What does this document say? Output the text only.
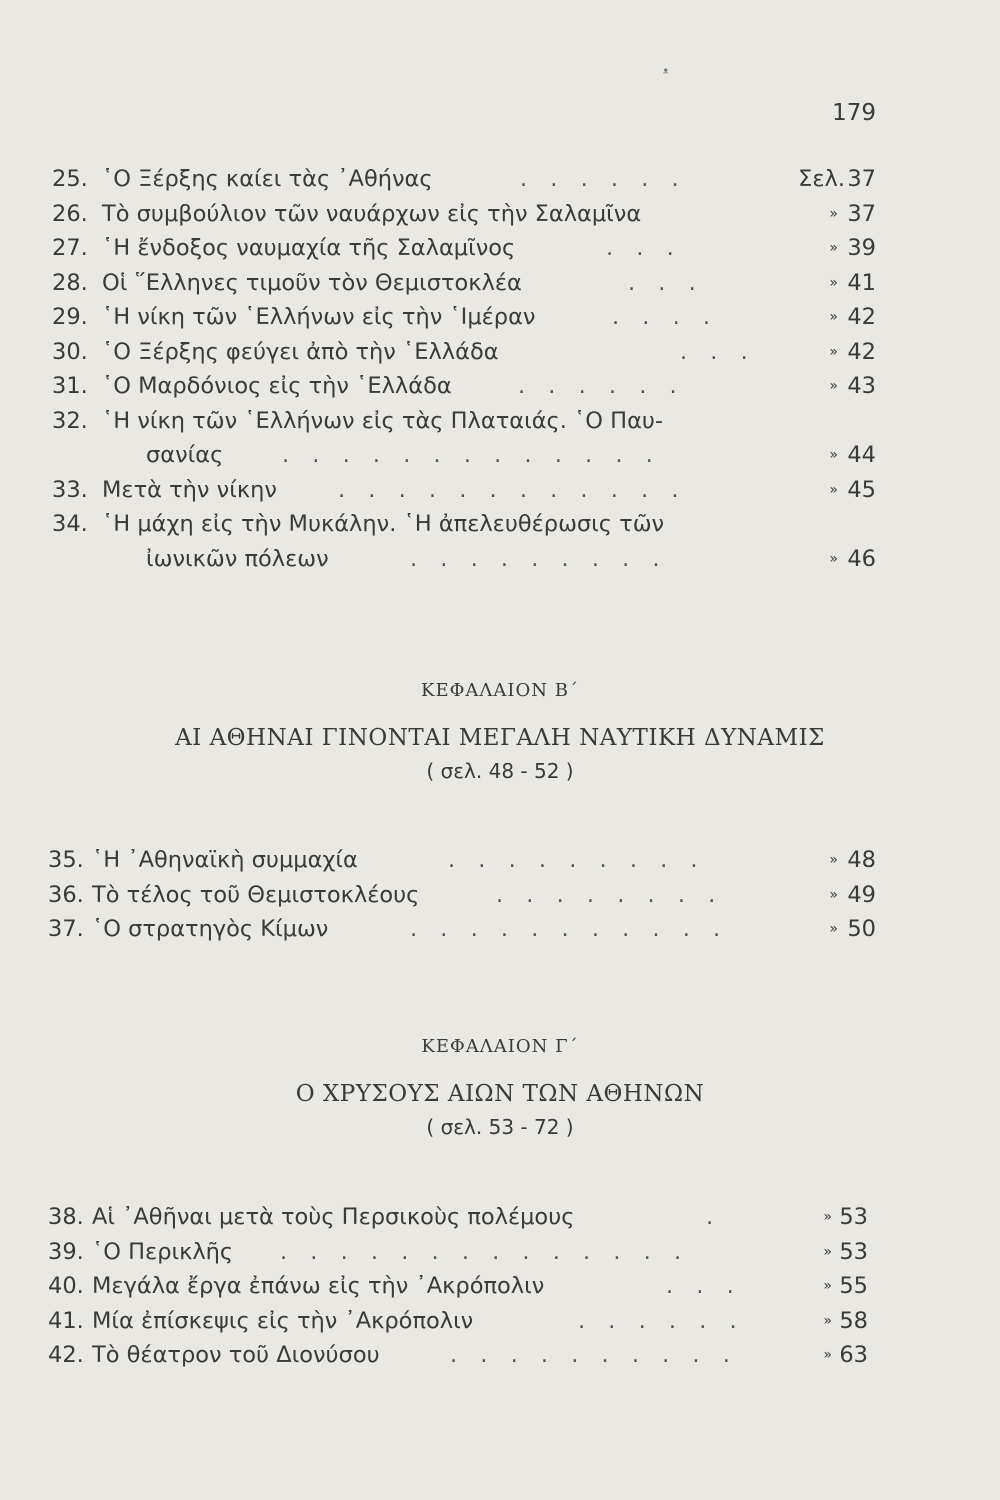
ᵜ
179
25. ῾Ο Ξέρξης καίει τὰς ᾿Αθήνας	. . . . . .	Σελ. 37
26. Τὸ συμβούλιον τῶν ναυάρχων εἰς τὴν Σαλαμῖνα	» 37
27. ῾Η ἔνδοξος ναυμαχία τῆς Σαλαμῖνος	. . .	» 39
28. Οἱ ῞Ελληνες τιμοῦν τὸν Θεμιστοκλέα	. . .	» 41
29. ῾Η νίκη τῶν ῾Ελλήνων εἰς τὴν ῾Ιμέραν	. . . .	» 42
30. ῾Ο Ξέρξης φεύγει ἀπὸ τὴν ῾Ελλάδα	. . .	» 42
31. ῾Ο Μαρδόνιος εἰς τὴν ῾Ελλάδα	. . . . . .	» 43
32. ῾Η νίκη τῶν ῾Ελλήνων εἰς τὰς Πλαταιάς. ῾Ο Παυ-
σανίας	. . . . . . . . . . . . .	» 44
33. Μετὰ τὴν νίκην	. . . . . . . . . . . .	» 45
34. ῾Η μάχη εἰς τὴν Μυκάλην. ῾Η ἀπελευθέρωσις τῶν
ἰωνικῶν πόλεων	. . . . . . . . .	» 46
ΚΕΦΑΛΑΙΟΝ Β΄
ΑΙ ΑΘΗΝΑΙ ΓΙΝΟΝΤΑΙ ΜΕΓΑΛΗ ΝΑΥΤΙΚΗ ΔΥΝΑΜΙΣ
( σελ. 48 - 52 )
35. ῾Η ᾿Αθηναϊκὴ συμμαχία	. . . . . . . . .	» 48
36. Τὸ τέλος τοῦ Θεμιστοκλέους	. . . . . . . .	» 49
37. ῾Ο στρατηγὸς Κίμων	. . . . . . . . . . .	» 50
ΚΕΦΑΛΑΙΟΝ Γ΄
Ο ΧΡΥΣΟΥΣ ΑΙΩΝ ΤΩΝ ΑΘΗΝΩΝ
( σελ. 53 - 72 )
38. Αἱ ᾿Αθῆναι μετὰ τοὺς Περσικοὺς πολέμους	.	» 53
39. ῾Ο Περικλῆς . . . . . . . . . . . . . .	» 53
40. Μεγάλα ἔργα ἐπάνω εἰς τὴν ᾿Ακρόπολιν	. . .	» 55
41. Μία ἐπίσκεψις εἰς τὴν ᾿Ακρόπολιν	. . . . . .	» 58
42. Τὸ θέατρον τοῦ Διονύσου	. . . . . . . . . .	» 63
